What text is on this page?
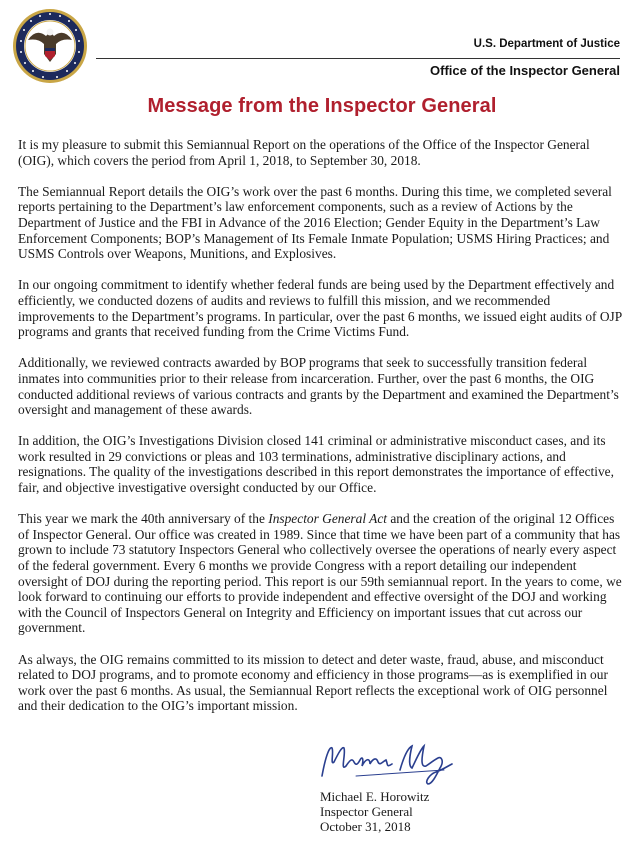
U.S. Department of Justice
Office of the Inspector General
Message from the Inspector General

It is my pleasure to submit this Semiannual Report on the operations of the Office of the Inspector General (OIG), which covers the period from April 1, 2018, to September 30, 2018.

The Semiannual Report details the OIG’s work over the past 6 months. During this time, we completed several reports pertaining to the Department’s law enforcement components, such as a review of Actions by the Department of Justice and the FBI in Advance of the 2016 Election; Gender Equity in the Department’s Law Enforcement Components; BOP’s Management of Its Female Inmate Population; USMS Hiring Practices; and USMS Controls over Weapons, Munitions, and Explosives.

In our ongoing commitment to identify whether federal funds are being used by the Department effectively and efficiently, we conducted dozens of audits and reviews to fulfill this mission, and we recommended improvements to the Department’s programs. In particular, over the past 6 months, we issued eight audits of OJP programs and grants that received funding from the Crime Victims Fund.

Additionally, we reviewed contracts awarded by BOP programs that seek to successfully transition federal inmates into communities prior to their release from incarceration. Further, over the past 6 months, the OIG conducted additional reviews of various contracts and grants by the Department and examined the Department’s oversight and management of these awards.

In addition, the OIG’s Investigations Division closed 141 criminal or administrative misconduct cases, and its work resulted in 29 convictions or pleas and 103 terminations, administrative disciplinary actions, and resignations. The quality of the investigations described in this report demonstrates the importance of effective, fair, and objective investigative oversight conducted by our Office.

This year we mark the 40th anniversary of the Inspector General Act and the creation of the original 12 Offices of Inspector General. Our office was created in 1989. Since that time we have been part of a community that has grown to include 73 statutory Inspectors General who collectively oversee the operations of nearly every aspect of the federal government. Every 6 months we provide Congress with a report detailing our independent oversight of DOJ during the reporting period. This report is our 59th semiannual report. In the years to come, we look forward to continuing our efforts to provide independent and effective oversight of the DOJ and working with the Council of Inspectors General on Integrity and Efficiency on important issues that cut across our government.

As always, the OIG remains committed to its mission to detect and deter waste, fraud, abuse, and misconduct related to DOJ programs, and to promote economy and efficiency in those programs—as is exemplified in our work over the past 6 months. As usual, the Semiannual Report reflects the exceptional work of OIG personnel and their dedication to the OIG’s important mission.

Michael E. Horowitz
Inspector General
October 31, 2018
